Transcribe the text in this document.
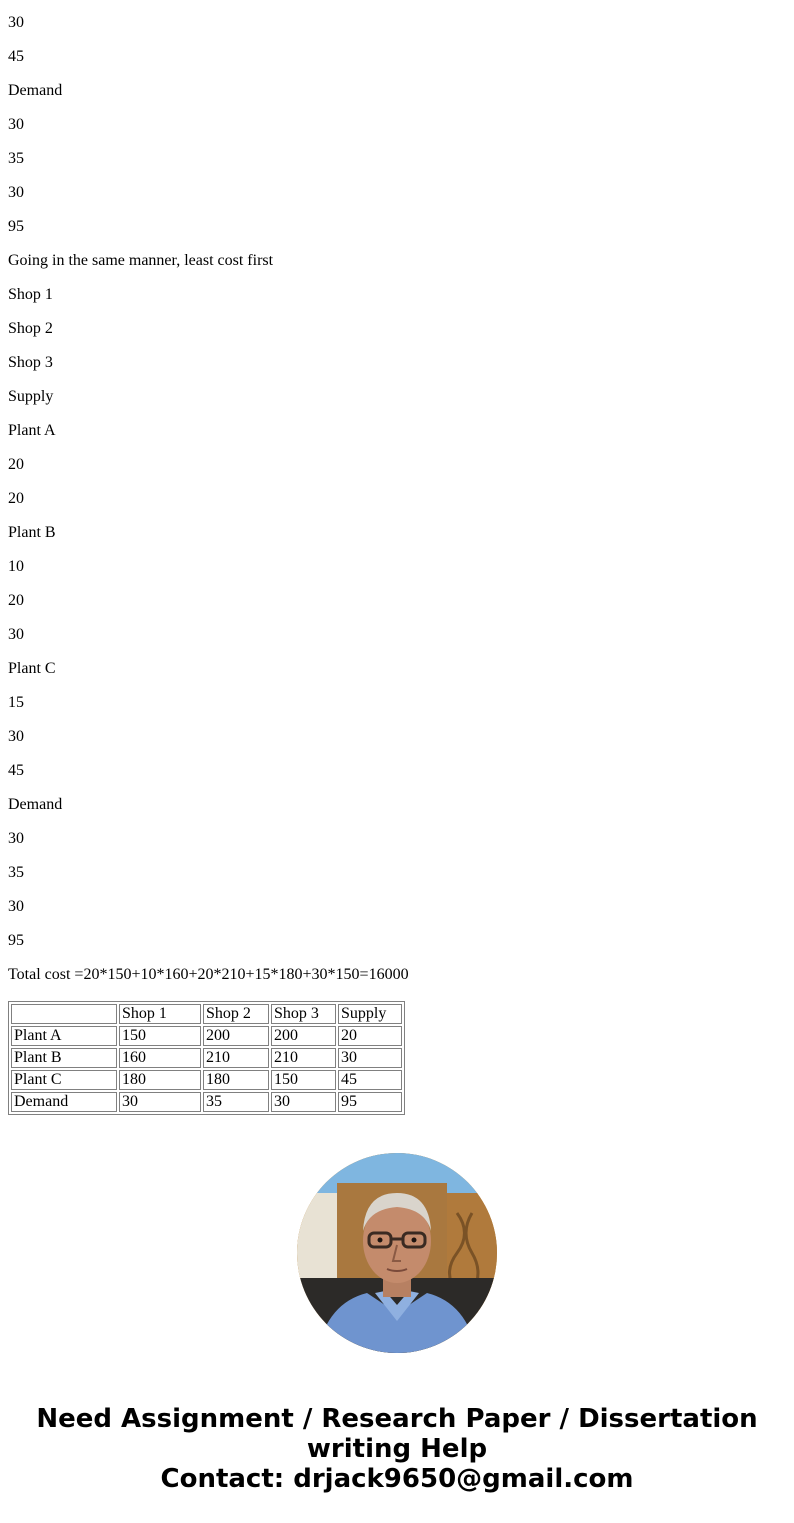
30
45
Demand
30
35
30
95
Going in the same manner, least cost first
Shop 1
Shop 2
Shop 3
Supply
Plant A
20
20
Plant B
10
20
30
Plant C
15
30
45
Demand
30
35
30
95
Total cost =20*150+10*160+20*210+15*180+30*150=16000
	Shop 1	Shop 2	Shop 3	Supply
Plant A	150	200	200	20
Plant B	160	210	210	30
Plant C	180	180	150	45
Demand	30	35	30	95
Need Assignment / Research Paper / Dissertation
writing Help
Contact: drjack9650@gmail.com
